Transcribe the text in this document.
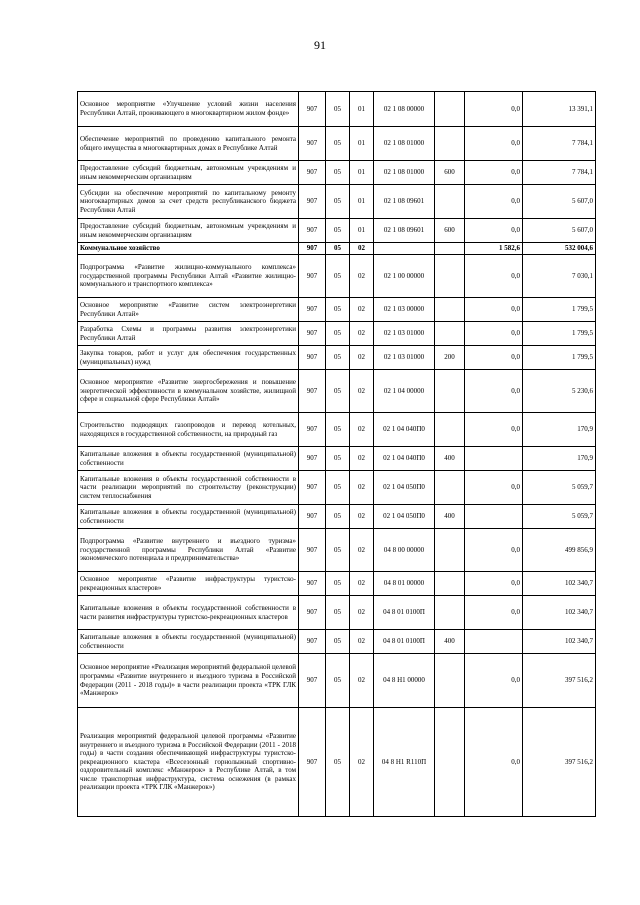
91
Основное мероприятие «Улучшение условий жизни населения Республики Алтай, проживающего в многоквартирном жилом фонде»	907	05	01	02 1 08 00000		0,0	13 391,1
Обеспечение мероприятий по проведению капитального ремонта общего имущества в многоквартирных домах в Республике Алтай	907	05	01	02 1 08 01000		0,0	7 784,1
Предоставление субсидий бюджетным, автономным учреждениям и иным некоммерческим организациям	907	05	01	02 1 08 01000	600	0,0	7 784,1
Субсидии на обеспечение мероприятий по капитальному ремонту многоквартирных домов за счет средств республиканского бюджета Республики Алтай	907	05	01	02 1 08 09601		0,0	5 607,0
Предоставление субсидий бюджетным, автономным учреждениям и иным некоммерческим организациям	907	05	01	02 1 08 09601	600	0,0	5 607,0
Коммунальное хозяйство	907	05	02			1 582,6	532 004,6
Подпрограмма «Развитие жилищно-коммунального комплекса» государственной программы Республики Алтай «Развитие жилищно-коммунального и транспортного комплекса»	907	05	02	02 1 00 00000		0,0	7 030,1
Основное мероприятие «Развитие систем электроэнергетики Республики Алтай»	907	05	02	02 1 03 00000		0,0	1 799,5
Разработка Схемы и программы развития электроэнергетики Республики Алтай	907	05	02	02 1 03 01000		0,0	1 799,5
Закупка товаров, работ и услуг для обеспечения государственных (муниципальных) нужд	907	05	02	02 1 03 01000	200	0,0	1 799,5
Основное мероприятие «Развитие энергосбережения и повышение энергетической эффективности в коммунальном хозяйстве, жилищной сфере и социальной сфере Республики Алтай»	907	05	02	02 1 04 00000		0,0	5 230,6
Строительство подводящих газопроводов и перевод котельных, находящихся в государственной собственности, на природный газ	907	05	02	02 1 04 040П0		0,0	170,9
Капитальные вложения в объекты государственной (муниципальной) собственности	907	05	02	02 1 04 040П0	400		170,9
Капитальные вложения в объекты государственной собственности в части реализации мероприятий по строительству (реконструкции) систем теплоснабжения	907	05	02	02 1 04 050П0		0,0	5 059,7
Капитальные вложения в объекты государственной (муниципальной) собственности	907	05	02	02 1 04 050П0	400		5 059,7
Подпрограмма «Развитие внутреннего и въездного туризма» государственной программы Республики Алтай «Развитие экономического потенциала и предпринимательства»	907	05	02	04 8 00 00000		0,0	499 856,9
Основное мероприятие «Развитие инфраструктуры туристско-рекреационных кластеров»	907	05	02	04 8 01 00000		0,0	102 340,7
Капитальные вложения в объекты государственной собственности в части развития инфраструктуры туристско-рекреационных кластеров	907	05	02	04 8 01 0100П		0,0	102 340,7
Капитальные вложения в объекты государственной (муниципальной) собственности	907	05	02	04 8 01 0100П	400		102 340,7
Основное мероприятие «Реализация мероприятий федеральной целевой программы «Развитие внутреннего и въездного туризма в Российской Федерации (2011 - 2018 годы)» в части реализации проекта «ТРК ГЛК «Манжерок»	907	05	02	04 8 Н1 00000		0,0	397 516,2
Реализация мероприятий федеральной целевой программы «Развитие внутреннего и въездного туризма в Российской Федерации (2011 - 2018 годы) в части создания обеспечивающей инфраструктуры туристско-рекреационного кластера «Всесезонный горнолыжный спортивно-оздоровительный комплекс «Манжерок» в Республике Алтай, в том числе транспортная инфраструктура, система оснежения (в рамках реализации проекта «ТРК ГЛК «Манжерок»)	907	05	02	04 8 Н1 R110П		0,0	397 516,2
